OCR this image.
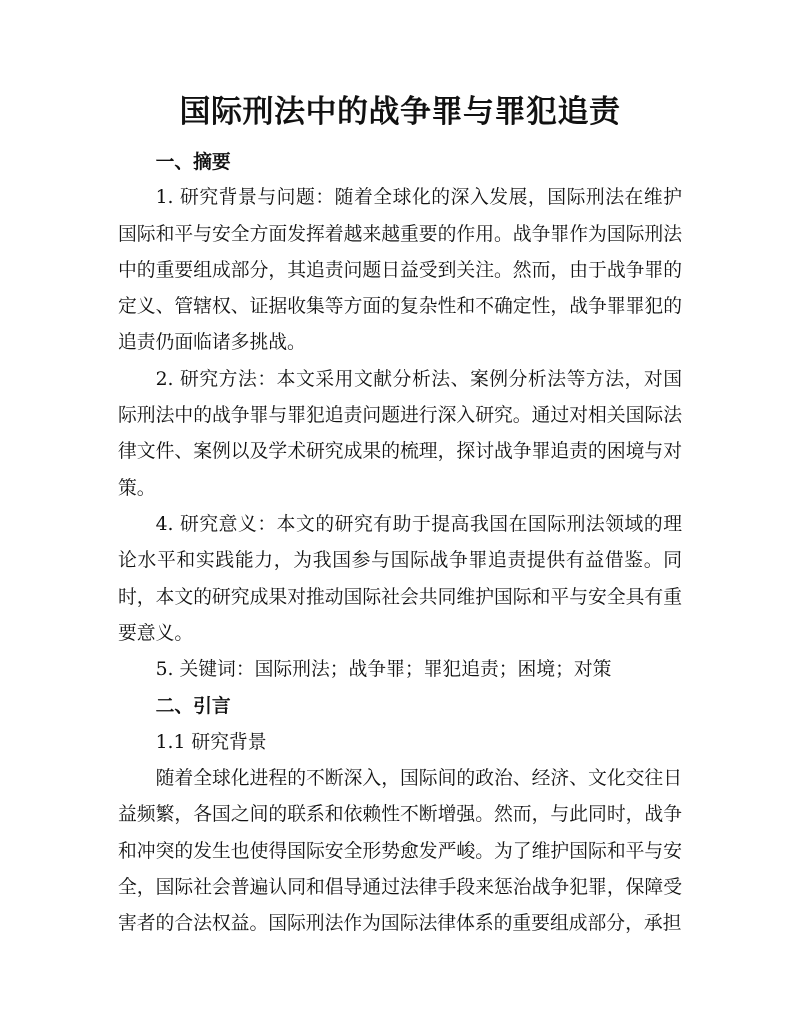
国际刑法中的战争罪与罪犯追责

一、摘要

1. 研究背景与问题：随着全球化的深入发展，国际刑法在维护国际和平与安全方面发挥着越来越重要的作用。战争罪作为国际刑法中的重要组成部分，其追责问题日益受到关注。然而，由于战争罪的定义、管辖权、证据收集等方面的复杂性和不确定性，战争罪罪犯的追责仍面临诸多挑战。

2. 研究方法：本文采用文献分析法、案例分析法等方法，对国际刑法中的战争罪与罪犯追责问题进行深入研究。通过对相关国际法律文件、案例以及学术研究成果的梳理，探讨战争罪追责的困境与对策。

4. 研究意义：本文的研究有助于提高我国在国际刑法领域的理论水平和实践能力，为我国参与国际战争罪追责提供有益借鉴。同时，本文的研究成果对推动国际社会共同维护国际和平与安全具有重要意义。

5. 关键词：国际刑法；战争罪；罪犯追责；困境；对策

二、引言

1.1 研究背景

随着全球化进程的不断深入，国际间的政治、经济、文化交往日益频繁，各国之间的联系和依赖性不断增强。然而，与此同时，战争和冲突的发生也使得国际安全形势愈发严峻。为了维护国际和平与安全，国际社会普遍认同和倡导通过法律手段来惩治战争犯罪，保障受害者的合法权益。国际刑法作为国际法律体系的重要组成部分，承担
